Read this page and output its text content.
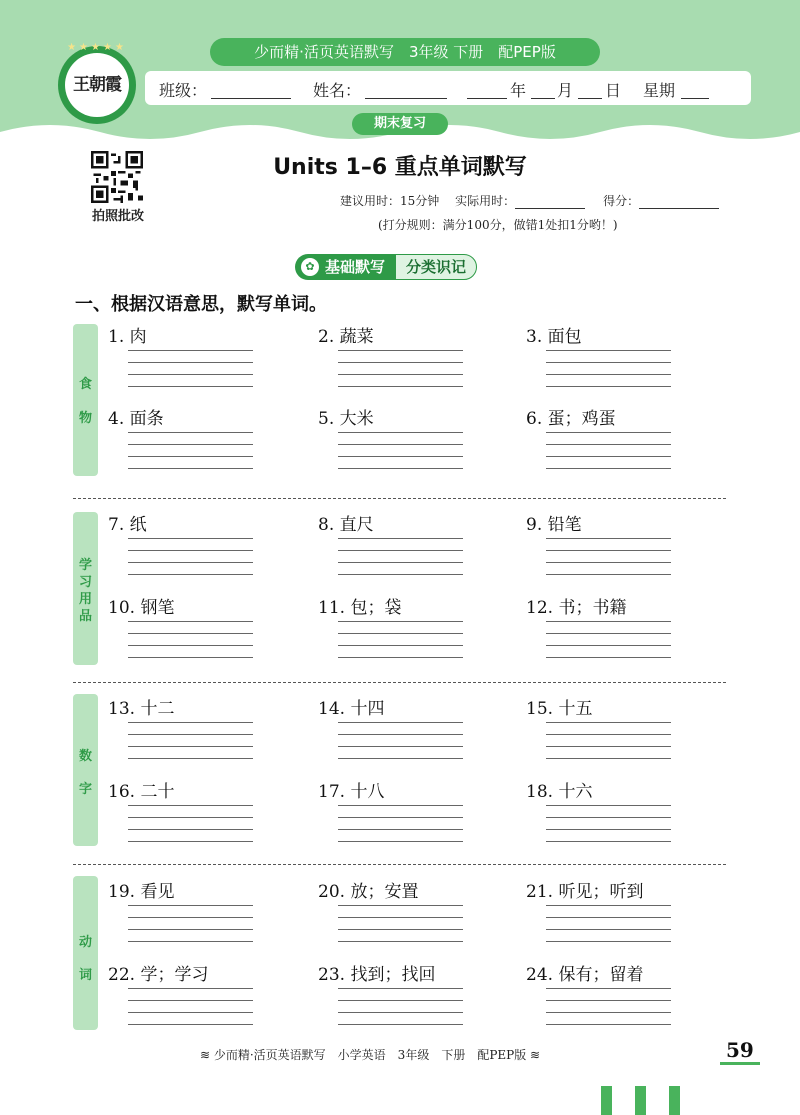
少而精·活页英语默写　3年级 下册　配PEP版
王朝霞
★★★★★
班级：	姓名：	年 月 日 星期
期末复习
拍照批改
Units 1–6 重点单词默写
建议用时：15分钟　 实际用时：	得分：
(打分规则：满分100分，做错1处扣1分哟！)
✿ 基础默写 分类识记
一、根据汉语意思，默写单词。
食
物
学
习
用
品
数
字
动
词
1. 肉	2. 蔬菜	3. 面包
4. 面条	5. 大米	6. 蛋；鸡蛋
7. 纸	8. 直尺	9. 铅笔
10. 钢笔	11. 包；袋	12. 书；书籍
13. 十二	14. 十四	15. 十五
16. 二十	17. 十八	18. 十六
19. 看见	20. 放；安置	21. 听见；听到
22. 学；学习	23. 找到；找回	24. 保有；留着
≋ 少而精·活页英语默写　小学英语　3年级　下册　配PEP版 ≋	59
